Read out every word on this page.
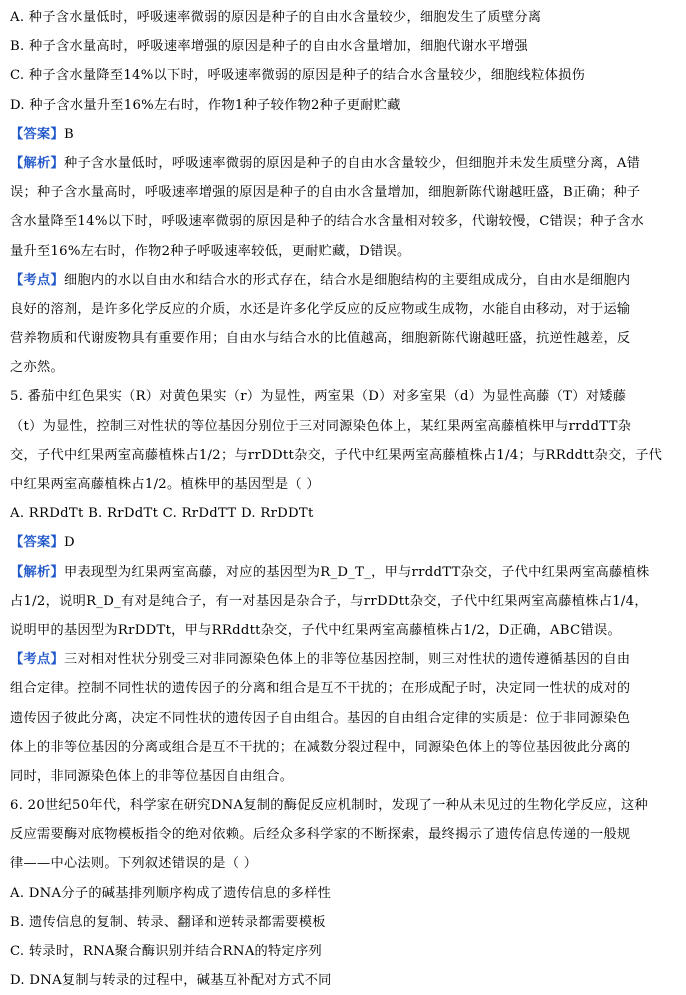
A. 种子含水量低时，呼吸速率微弱的原因是种子的自由水含量较少，细胞发生了质壁分离
B. 种子含水量高时，呼吸速率增强的原因是种子的自由水含量增加，细胞代谢水平增强
C. 种子含水量降至14%以下时，呼吸速率微弱的原因是种子的结合水含量较少，细胞线粒体损伤
D. 种子含水量升至16%左右时，作物1种子较作物2种子更耐贮藏
【答案】B
【解析】种子含水量低时，呼吸速率微弱的原因是种子的自由水含量较少，但细胞并未发生质壁分离，A错
误；种子含水量高时，呼吸速率增强的原因是种子的自由水含量增加，细胞新陈代谢越旺盛，B正确；种子
含水量降至14%以下时，呼吸速率微弱的原因是种子的结合水含量相对较多，代谢较慢，C错误；种子含水
量升至16%左右时，作物2种子呼吸速率较低，更耐贮藏，D错误。
【考点】细胞内的水以自由水和结合水的形式存在，结合水是细胞结构的主要组成成分，自由水是细胞内
良好的溶剂，是许多化学反应的介质，水还是许多化学反应的反应物或生成物，水能自由移动，对于运输
营养物质和代谢废物具有重要作用；自由水与结合水的比值越高，细胞新陈代谢越旺盛，抗逆性越差，反
之亦然。
5. 番茄中红色果实（R）对黄色果实（r）为显性，两室果（D）对多室果（d）为显性高藤（T）对矮藤
（t）为显性，控制三对性状的等位基因分别位于三对同源染色体上，某红果两室高藤植株甲与rrddTT杂
交，子代中红果两室高藤植株占1/2；与rrDDtt杂交，子代中红果两室高藤植株占1/4；与RRddtt杂交，子代
中红果两室高藤植株占1/2。植株甲的基因型是（ ）
A. RRDdTt B. RrDdTt C. RrDdTT D. RrDDTt
【答案】D
【解析】甲表现型为红果两室高藤，对应的基因型为R_D_T_，甲与rrddTT杂交，子代中红果两室高藤植株
占1/2，说明R_D_有对是纯合子，有一对基因是杂合子，与rrDDtt杂交，子代中红果两室高藤植株占1/4，
说明甲的基因型为RrDDTt，甲与RRddtt杂交，子代中红果两室高藤植株占1/2，D正确，ABC错误。
【考点】三对相对性状分别受三对非同源染色体上的非等位基因控制，则三对性状的遗传遵循基因的自由
组合定律。控制不同性状的遗传因子的分离和组合是互不干扰的；在形成配子时，决定同一性状的成对的
遗传因子彼此分离，决定不同性状的遗传因子自由组合。基因的自由组合定律的实质是：位于非同源染色
体上的非等位基因的分离或组合是互不干扰的；在减数分裂过程中，同源染色体上的等位基因彼此分离的
同时，非同源染色体上的非等位基因自由组合。
6. 20世纪50年代，科学家在研究DNA复制的酶促反应机制时，发现了一种从未见过的生物化学反应，这种
反应需要酶对底物模板指令的绝对依赖。后经众多科学家的不断探索，最终揭示了遗传信息传递的一般规
律——中心法则。下列叙述错误的是（ ）
A. DNA分子的碱基排列顺序构成了遗传信息的多样性
B. 遗传信息的复制、转录、翻译和逆转录都需要模板
C. 转录时，RNA聚合酶识别并结合RNA的特定序列
D. DNA复制与转录的过程中，碱基互补配对方式不同
